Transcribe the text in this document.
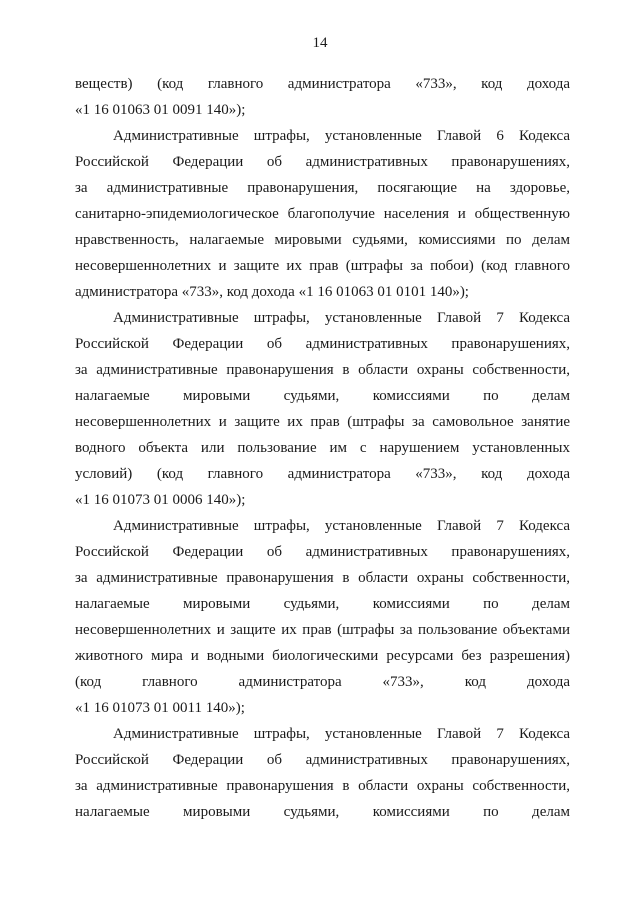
14
веществ) (код главного администратора «733», код дохода
«1 16 01063 01 0091 140»);
Административные штрафы, установленные Главой 6 Кодекса
Российской Федерации об административных правонарушениях,
за административные правонарушения, посягающие на здоровье,
санитарно-эпидемиологическое благополучие населения и общественную
нравственность, налагаемые мировыми судьями, комиссиями по делам
несовершеннолетних и защите их прав (штрафы за побои) (код главного
администратора «733», код дохода «1 16 01063 01 0101 140»);
Административные штрафы, установленные Главой 7 Кодекса
Российской Федерации об административных правонарушениях,
за административные правонарушения в области охраны собственности,
налагаемые мировыми судьями, комиссиями по делам
несовершеннолетних и защите их прав (штрафы за самовольное занятие
водного объекта или пользование им с нарушением установленных
условий) (код главного администратора «733», код дохода
«1 16 01073 01 0006 140»);
Административные штрафы, установленные Главой 7 Кодекса
Российской Федерации об административных правонарушениях,
за административные правонарушения в области охраны собственности,
налагаемые мировыми судьями, комиссиями по делам
несовершеннолетних и защите их прав (штрафы за пользование объектами
животного мира и водными биологическими ресурсами без разрешения)
(код главного администратора «733», код дохода
«1 16 01073 01 0011 140»);
Административные штрафы, установленные Главой 7 Кодекса
Российской Федерации об административных правонарушениях,
за административные правонарушения в области охраны собственности,
налагаемые мировыми судьями, комиссиями по делам
